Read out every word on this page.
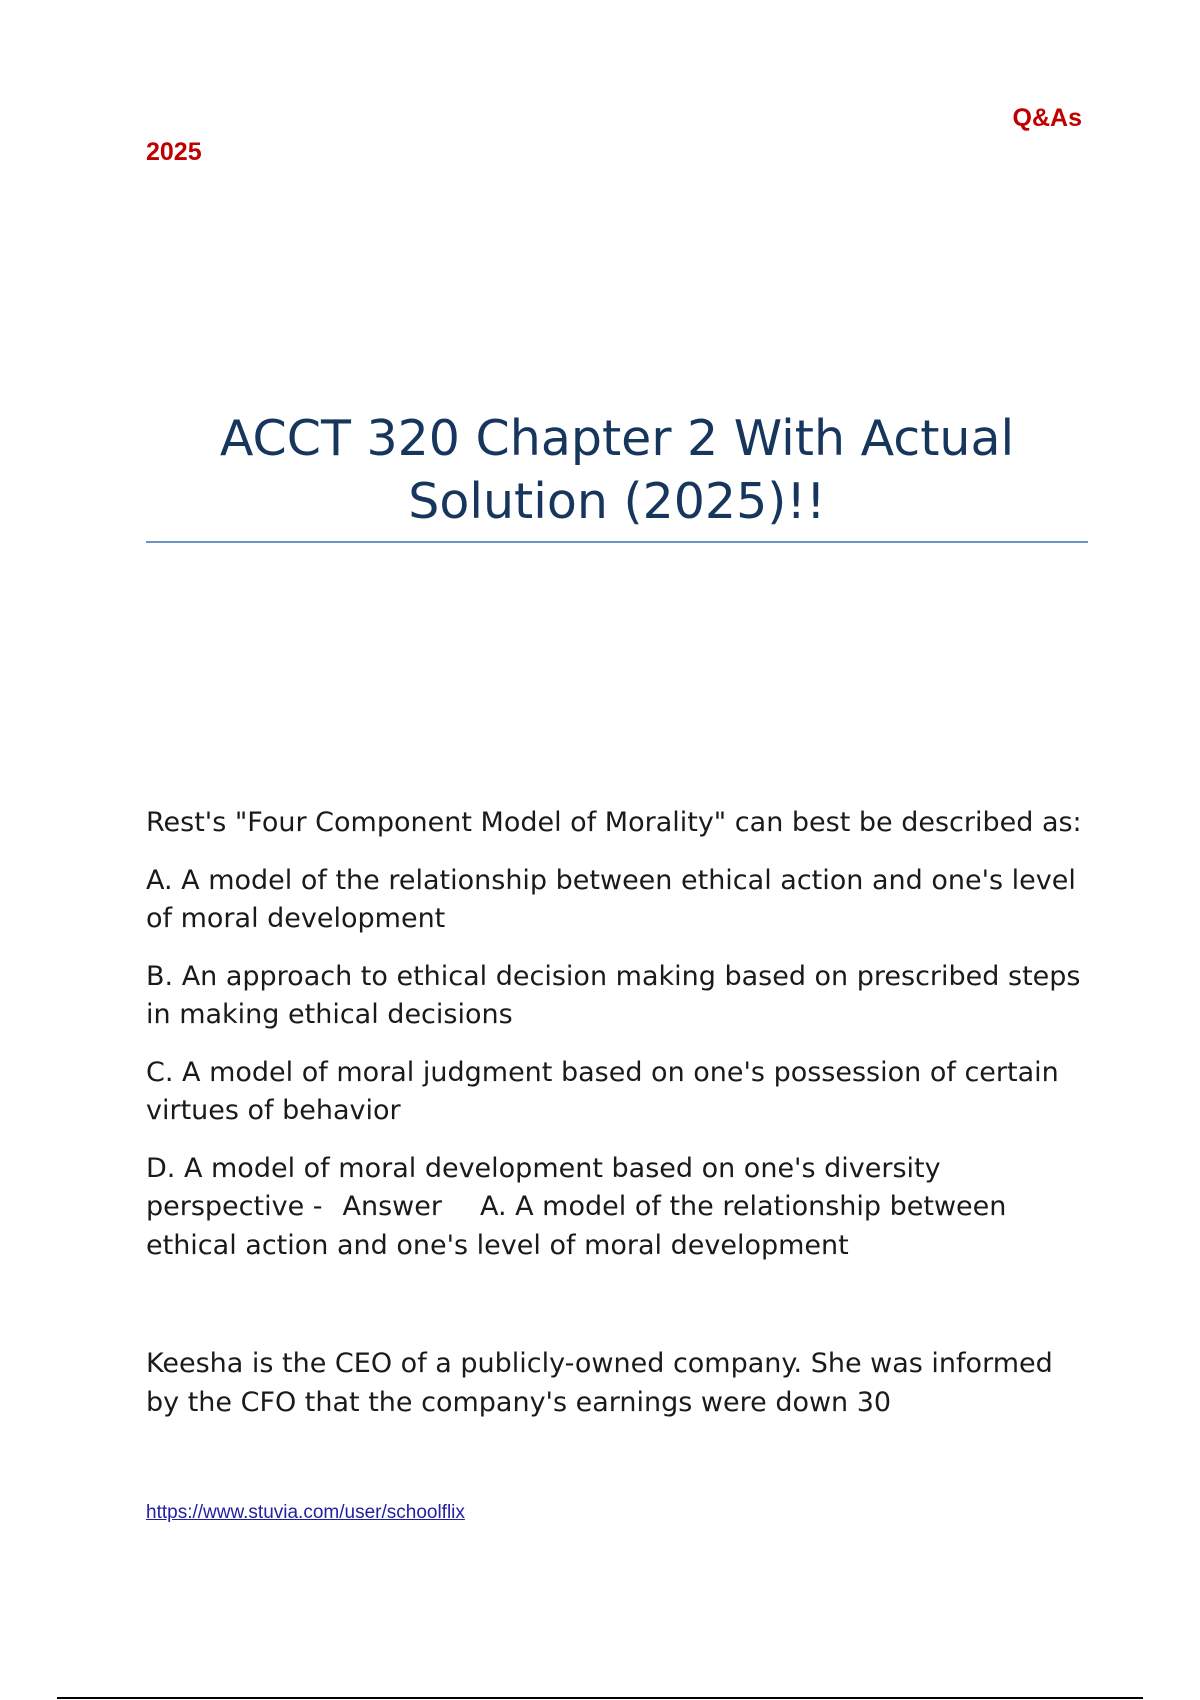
Q&As
2025
ACCT 320 Chapter 2 With Actual
Solution (2025)!!

Rest's "Four Component Model of Morality" can best be described as:

A. A model of the relationship between ethical action and one's level of moral development

B. An approach to ethical decision making based on prescribed steps in making ethical decisions

C. A model of moral judgment based on one's possession of certain virtues of behavior

D. A model of moral development based on one's diversity perspective - Answer A. A model of the relationship between ethical action and one's level of moral development

Keesha is the CEO of a publicly-owned company. She was informed by the CFO that the company's earnings were down 30

https://www.stuvia.com/user/schoolflix
